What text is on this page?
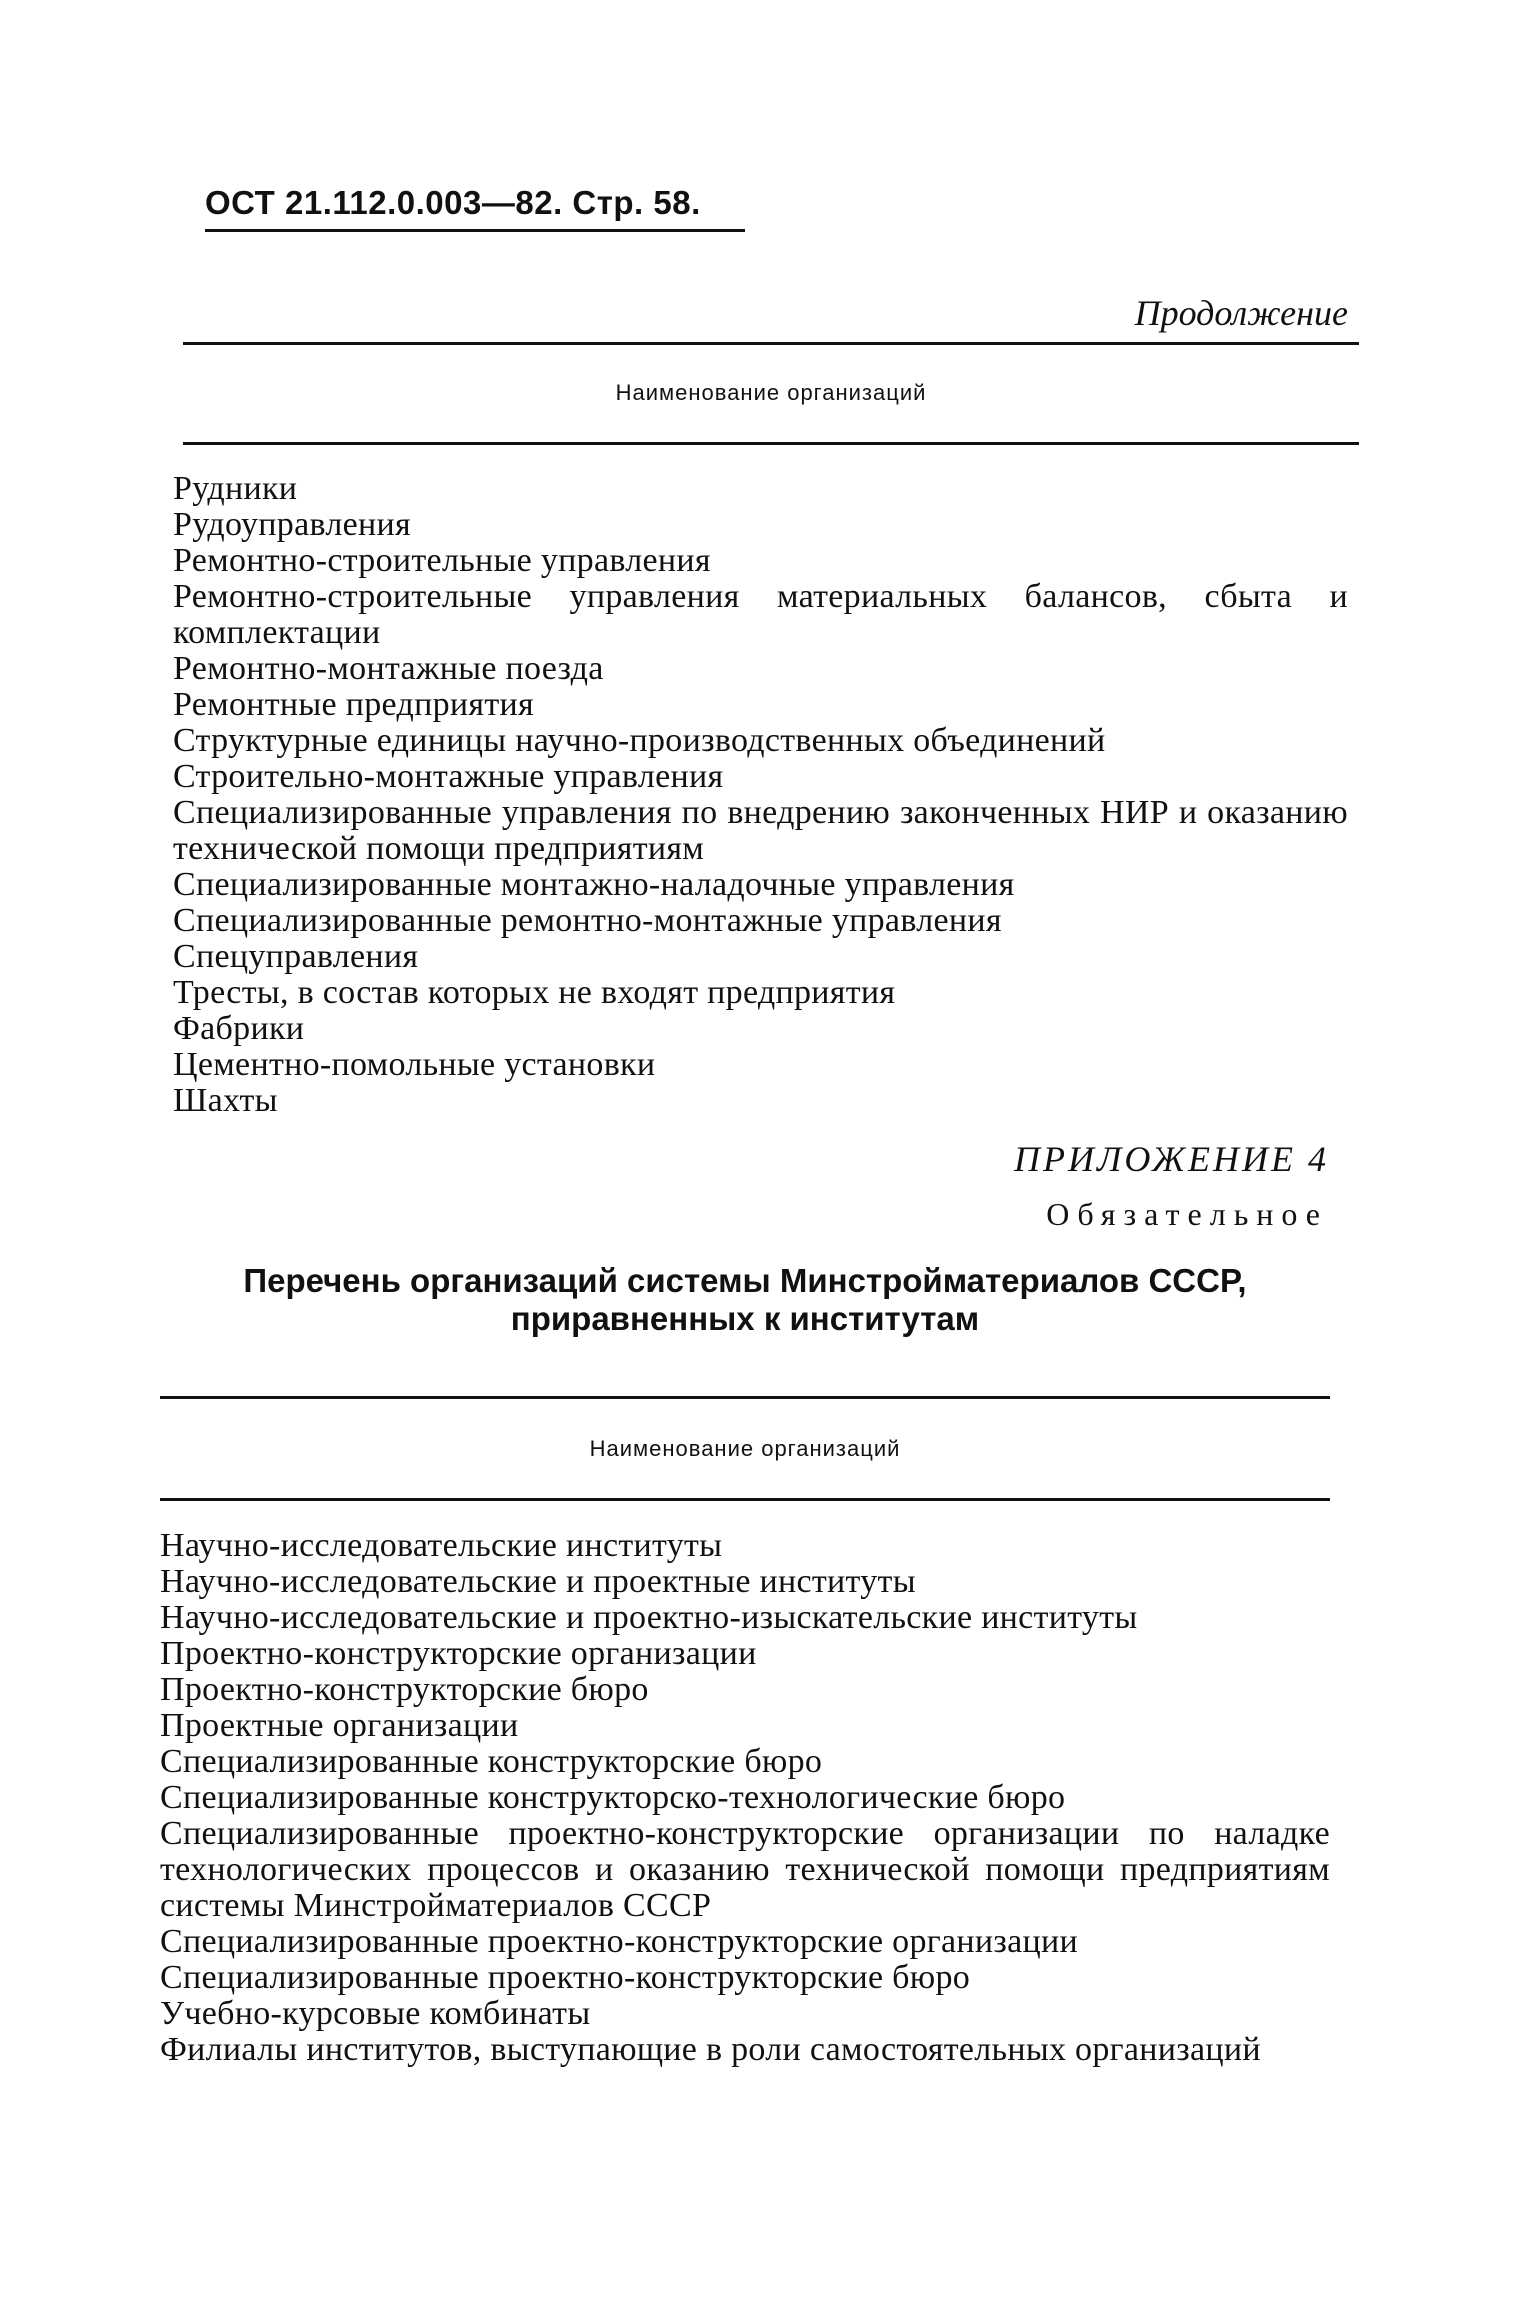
ОСТ 21.112.0.003—82. Стр. 58.
Продолжение
Наименование организаций
Рудники
Рудоуправления
Ремонтно-строительные управления
Ремонтно-строительные управления материальных балансов, сбыта и комплектации
Ремонтно-монтажные поезда
Ремонтные предприятия
Структурные единицы научно-производственных объединений
Строительно-монтажные управления
Специализированные управления по внедрению законченных НИР и оказанию технической помощи предприятиям
Специализированные монтажно-наладочные управления
Специализированные ремонтно-монтажные управления
Спецуправления
Тресты, в состав которых не входят предприятия
Фабрики
Цементно-помольные установки
Шахты
ПРИЛОЖЕНИЕ 4
Обязательное
Перечень организаций системы Минстройматериалов СССР,
приравненных к институтам
Наименование организаций
Научно-исследовательские институты
Научно-исследовательские и проектные институты
Научно-исследовательские и проектно-изыскательские институты
Проектно-конструкторские организации
Проектно-конструкторские бюро
Проектные организации
Специализированные конструкторские бюро
Специализированные конструкторско-технологические бюро
Специализированные проектно-конструкторские организации по наладке технологических процессов и оказанию технической помощи предприятиям системы Минстройматериалов СССР
Специализированные проектно-конструкторские организации
Специализированные проектно-конструкторские бюро
Учебно-курсовые комбинаты
Филиалы институтов, выступающие в роли самостоятельных организаций
